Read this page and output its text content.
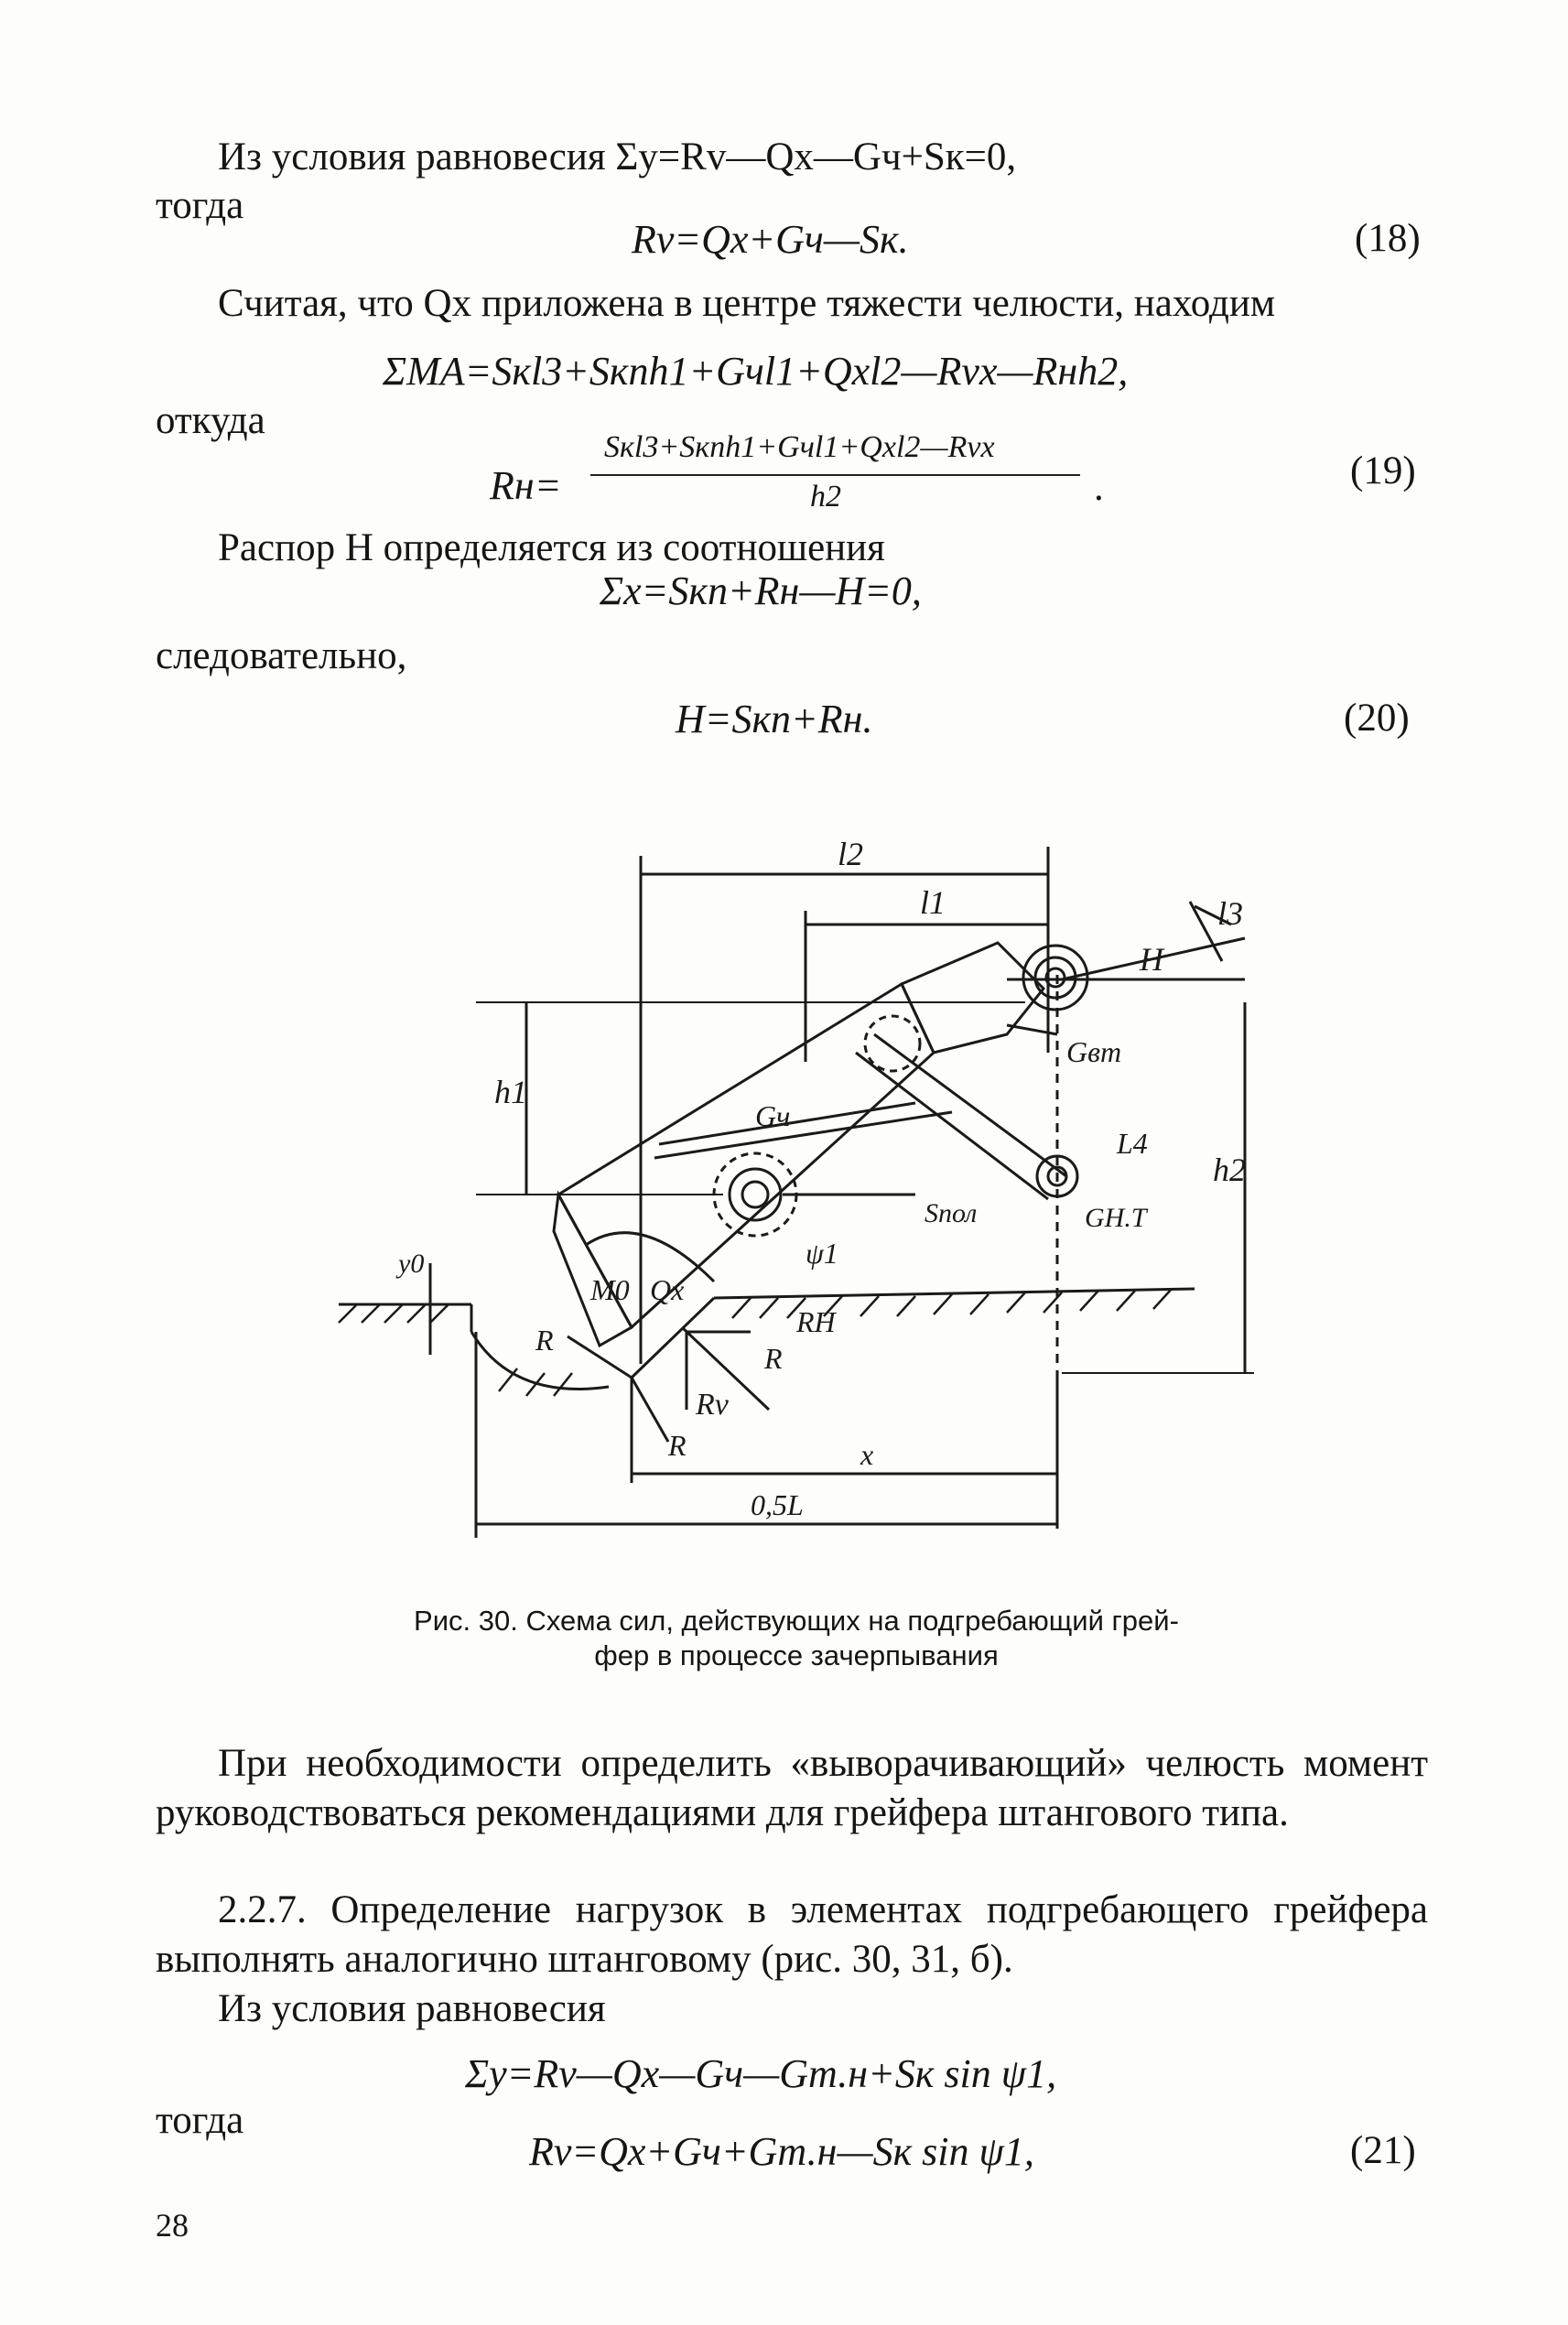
Из условия равновесия Σy=Rv—Qx—Gч+Sк=0,
тогда
Rv=Qx+Gч—Sк.	(18)
Считая, что Qx приложена в центре тяжести челюсти, находим
ΣMA=Sкl3+Sкnh1+Gчl1+Qxl2—Rvx—Rнh2,
откуда
Rн=
Sкl3+Sкnh1+Gчl1+Qxl2—Rvx
h2	.	(19)
Распор H определяется из соотношения
Σx=Sкn+Rн—H=0,
следовательно,
H=Sкn+Rн.	(20)
l2
l1	l3
H
h1
h2
Gвт
Gч
L4
Sпол
ψ1
GН.Т
y0
M0 Qx
RН
R
R
Rv
R	x
0,5L
Рис. 30. Схема сил, действующих на подгребающий грей-
фер в процессе зачерпывания
При необходимости определить «выворачивающий» челюсть момент руководствоваться рекомендациями для грейфера штангового типа.
2.2.7. Определение нагрузок в элементах подгребающего грейфера выполнять аналогично штанговому (рис. 30, 31, б).
Из условия равновесия
Σy=Rv—Qx—Gч—Gт.н+Sк sin ψ1,
тогда
Rv=Qx+Gч+Gт.н—Sк sin ψ1,	(21)
28
